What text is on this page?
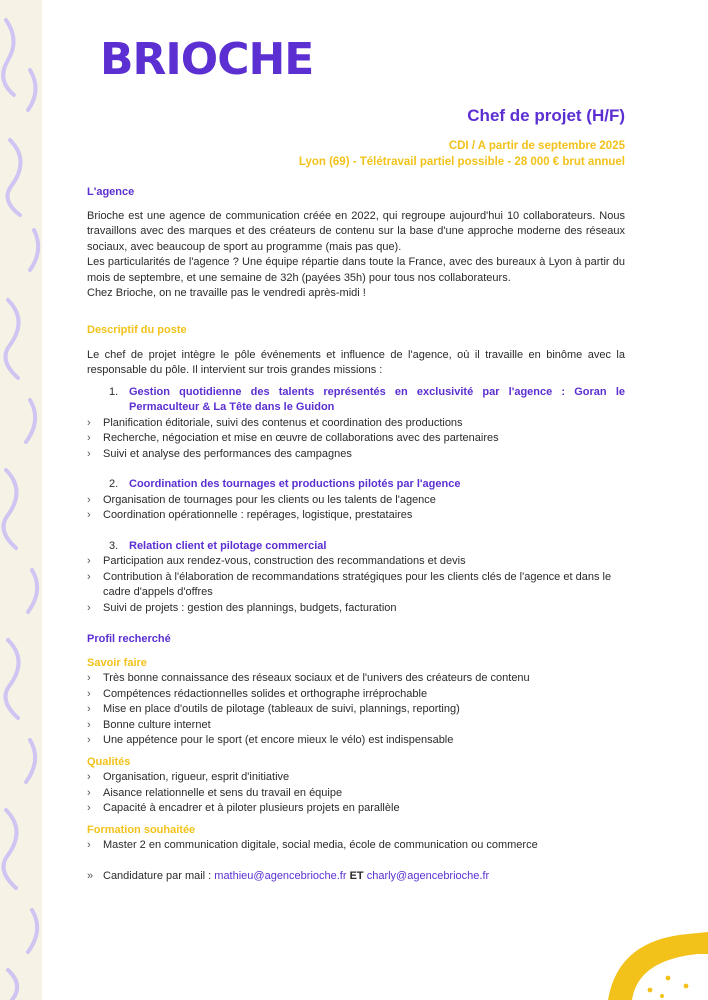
BRIOCHE
Chef de projet (H/F)
CDI / A partir de septembre 2025
Lyon (69) - Télétravail partiel possible - 28 000 € brut annuel
L'agence

Brioche est une agence de communication créée en 2022, qui regroupe aujourd'hui 10 collaborateurs. Nous travaillons avec des marques et des créateurs de contenu sur la base d'une approche moderne des réseaux sociaux, avec beaucoup de sport au programme (mais pas que).

Les particularités de l'agence ? Une équipe répartie dans toute la France, avec des bureaux à Lyon à partir du mois de septembre, et une semaine de 32h (payées 35h) pour tous nos collaborateurs.

Chez Brioche, on ne travaille pas le vendredi après-midi !

Descriptif du poste

Le chef de projet intègre le pôle événements et influence de l'agence, où il travaille en binôme avec la responsable du pôle. Il intervient sur trois grandes missions :

1. Gestion quotidienne des talents représentés en exclusivité par l'agence : Goran le Permaculteur & La Tête dans le Guidon
› Planification éditoriale, suivi des contenus et coordination des productions
› Recherche, négociation et mise en œuvre de collaborations avec des partenaires
› Suivi et analyse des performances des campagnes
2. Coordination des tournages et productions pilotés par l'agence
› Organisation de tournages pour les clients ou les talents de l'agence
› Coordination opérationnelle : repérages, logistique, prestataires
3. Relation client et pilotage commercial
› Participation aux rendez-vous, construction des recommandations et devis
› Contribution à l'élaboration de recommandations stratégiques pour les clients clés de l'agence et dans le cadre d'appels d'offres
› Suivi de projets : gestion des plannings, budgets, facturation
Profil recherché
Savoir faire
› Très bonne connaissance des réseaux sociaux et de l'univers des créateurs de contenu
› Compétences rédactionnelles solides et orthographe irréprochable
› Mise en place d'outils de pilotage (tableaux de suivi, plannings, reporting)
› Bonne culture internet
› Une appétence pour le sport (et encore mieux le vélo) est indispensable
Qualités
› Organisation, rigueur, esprit d'initiative
› Aisance relationnelle et sens du travail en équipe
› Capacité à encadrer et à piloter plusieurs projets en parallèle
Formation souhaitée
› Master 2 en communication digitale, social media, école de communication ou commerce
» Candidature par mail : mathieu@agencebrioche.fr ET charly@agencebrioche.fr
